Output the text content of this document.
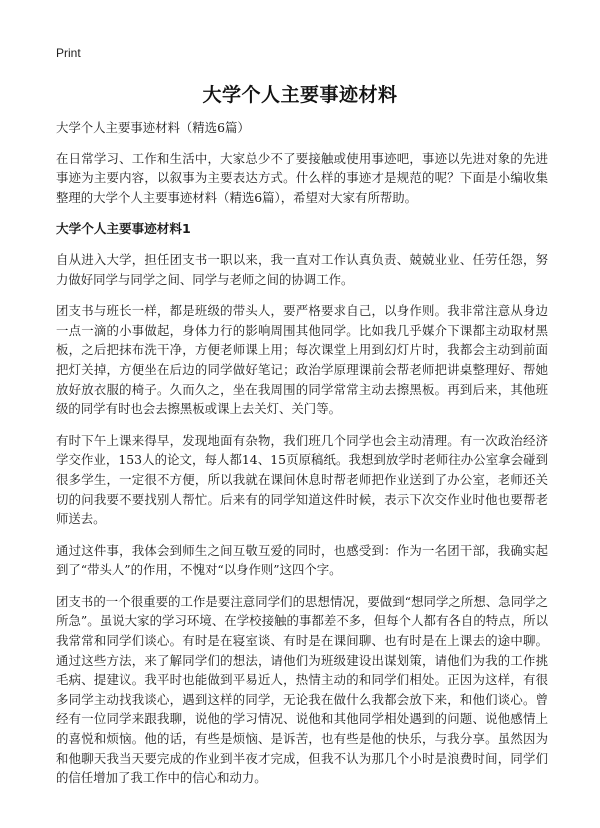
Print
大学个人主要事迹材料

大学个人主要事迹材料（精选6篇）

在日常学习、工作和生活中，大家总少不了要接触或使用事迹吧，事迹以先进对象的先进事迹为主要内容，以叙事为主要表达方式。什么样的事迹才是规范的呢？下面是小编收集整理的大学个人主要事迹材料（精选6篇），希望对大家有所帮助。

大学个人主要事迹材料1

自从进入大学，担任团支书一职以来，我一直对工作认真负责、兢兢业业、任劳任怨，努力做好同学与同学之间、同学与老师之间的协调工作。

团支书与班长一样，都是班级的带头人，要严格要求自己，以身作则。我非常注意从身边一点一滴的小事做起，身体力行的影响周围其他同学。比如我几乎媒介下课都主动取材黑板，之后把抹布洗干净，方便老师课上用；每次课堂上用到幻灯片时，我都会主动到前面把灯关掉，方便坐在后边的同学做好笔记；政治学原理课前会帮老师把讲桌整理好、帮她放好放衣服的椅子。久而久之，坐在我周围的同学常常主动去擦黑板。再到后来，其他班级的同学有时也会去擦黑板或课上去关灯、关门等。

有时下午上课来得早，发现地面有杂物，我们班几个同学也会主动清理。有一次政治经济学交作业，153人的论文，每人都14、15页原稿纸。我想到放学时老师往办公室拿会碰到很多学生，一定很不方便，所以我就在课间休息时帮老师把作业送到了办公室，老师还关切的问我要不要找别人帮忙。后来有的同学知道这件时候，表示下次交作业时他也要帮老师送去。

通过这件事，我体会到师生之间互敬互爱的同时，也感受到：作为一名团干部，我确实起到了“带头人”的作用，不愧对“以身作则”这四个字。

团支书的一个很重要的工作是要注意同学们的思想情况，要做到“想同学之所想、急同学之所急”。虽说大家的学习环境、在学校接触的事都差不多，但每个人都有各自的特点，所以我常常和同学们谈心。有时是在寝室谈、有时是在课间聊、也有时是在上课去的途中聊。通过这些方法，来了解同学们的想法，请他们为班级建设出谋划策，请他们为我的工作挑毛病、提建议。我平时也能做到平易近人，热情主动的和同学们相处。正因为这样，有很多同学主动找我谈心，遇到这样的同学，无论我在做什么我都会放下来，和他们谈心。曾经有一位同学来跟我聊，说他的学习情况、说他和其他同学相处遇到的问题、说他感情上的喜悦和烦恼。他的话，有些是烦恼、是诉苦，也有些是他的快乐，与我分享。虽然因为和他聊天我当天要完成的作业到半夜才完成，但我不认为那几个小时是浪费时间，同学们的信任增加了我工作中的信心和动力。
